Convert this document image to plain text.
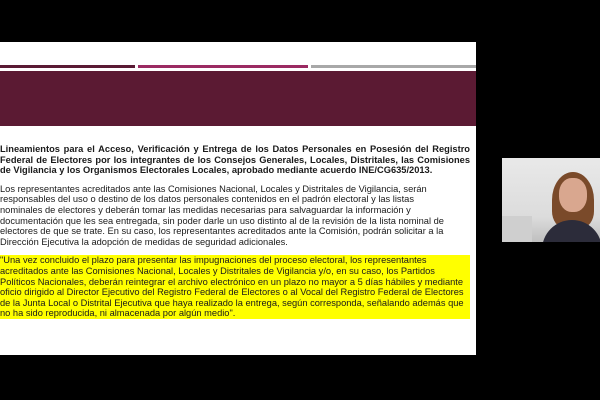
Lineamientos para el Acceso, Verificación y Entrega de los Datos Personales en Posesión del Registro Federal de Electores por los integrantes de los Consejos Generales, Locales, Distritales, las Comisiones de Vigilancia y los Organismos Electorales Locales, aprobado mediante acuerdo INE/CG635/2013.

Los representantes acreditados ante las Comisiones Nacional, Locales y Distritales de Vigilancia, serán
responsables del uso o destino de los datos personales contenidos en el padrón electoral y las listas
nominales de electores y deberán tomar las medidas necesarias para salvaguardar la información y
documentación que les sea entregada, sin poder darle un uso distinto al de la revisión de la lista nominal de
electores de que se trate. En su caso, los representantes acreditados ante la Comisión, podrán solicitar a la
Dirección Ejecutiva la adopción de medidas de seguridad adicionales.
"Una vez concluido el plazo para presentar las impugnaciones del proceso electoral, los representantes
acreditados ante las Comisiones Nacional, Locales y Distritales de Vigilancia y/o, en su caso, los Partidos
Políticos Nacionales, deberán reintegrar el archivo electrónico en un plazo no mayor a 5 días hábiles y mediante
oficio dirigido al Director Ejecutivo del Registro Federal de Electores o al Vocal del Registro Federal de Electores
de la Junta Local o Distrital Ejecutiva que haya realizado la entrega, según corresponda, señalando además que
no ha sido reproducida, ni almacenada por algún medio".
